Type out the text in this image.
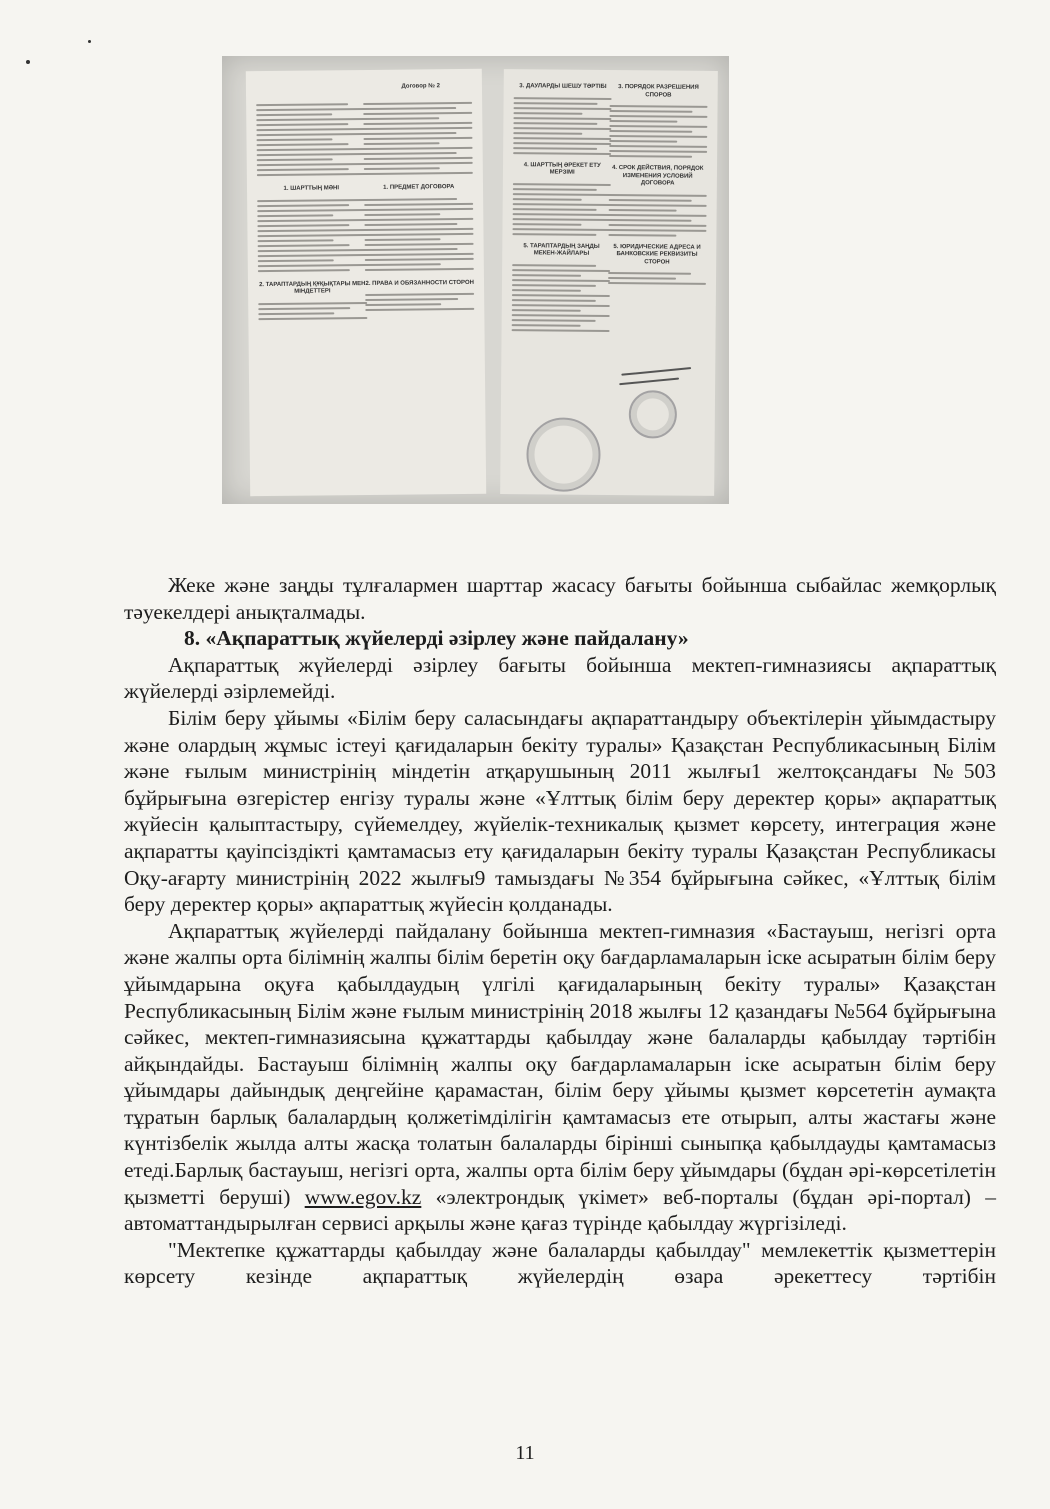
Договор № 2
1. ШАРТТЫҢ МӘНІ
2. ТАРАПТАРДЫҢ ҚҰҚЫҚТАРЫ МЕН МІНДЕТТЕРІ
1. ПРЕДМЕТ ДОГОВОРА
2. ПРАВА И ОБЯЗАННОСТИ СТОРОН
3. ДАУЛАРДЫ ШЕШУ ТӘРТІБІ
4. ШАРТТЫҢ ӘРЕКЕТ ЕТУ МЕРЗІМІ
5. ТАРАПТАРДЫҢ ЗАҢДЫ МЕКЕН-ЖАЙЛАРЫ
3. ПОРЯДОК РАЗРЕШЕНИЯ СПОРОВ
4. СРОК ДЕЙСТВИЯ, ПОРЯДОК ИЗМЕНЕНИЯ УСЛОВИЙ ДОГОВОРА
5. ЮРИДИЧЕСКИЕ АДРЕСА И БАНКОВСКИЕ РЕКВИЗИТЫ СТОРОН

Жеке және заңды тұлғалармен шарттар жасасу бағыты бойынша сыбайлас жемқорлық тәуекелдері анықталмады.

8. «Ақпараттық жүйелерді әзірлеу және пайдалану»

Ақпараттық жүйелерді әзірлеу бағыты бойынша мектеп-гимназиясы ақпараттық жүйелерді әзірлемейді.

Білім беру ұйымы «Білім беру саласындағы ақпараттандыру объектілерін ұйымдастыру және олардың жұмыс істеуі қағидаларын бекіту туралы» Қазақстан Республикасының Білім және ғылым министрінің міндетін атқарушының 2011 жылғы1 желтоқсандағы №503 бұйрығына өзгерістер енгізу туралы және «Ұлттық білім беру деректер қоры» ақпараттық жүйесін қалыптастыру, сүйемелдеу, жүйелік-техникалық қызмет көрсету, интеграция және ақпаратты қауіпсіздікті қамтамасыз ету қағидаларын бекіту туралы Қазақстан Республикасы Оқу-ағарту министрінің 2022 жылғы9 тамыздағы №354 бұйрығына сәйкес, «Ұлттық білім беру деректер қоры» ақпараттық жүйесін қолданады.

Ақпараттық жүйелерді пайдалану бойынша мектеп-гимназия «Бастауыш, негізгі орта және жалпы орта білімнің жалпы білім беретін оқу бағдарламаларын іске асыратын білім беру ұйымдарына оқуға қабылдаудың үлгілі қағидаларының бекіту туралы» Қазақстан Республикасының Білім және ғылым министрінің 2018 жылғы 12 қазандағы №564 бұйрығына сәйкес, мектеп-гимназиясына құжаттарды қабылдау және балаларды қабылдау тәртібін айқындайды. Бастауыш білімнің жалпы оқу бағдарламаларын іске асыратын білім беру ұйымдары дайындық деңгейіне қарамастан, білім беру ұйымы қызмет көрсететін аумақта тұратын барлық балалардың қолжетімділігін қамтамасыз ете отырып, алты жастағы және күнтізбелік жылда алты жасқа толатын балаларды бірінші сыныпқа қабылдауды қамтамасыз етеді.Барлық бастауыш, негізгі орта, жалпы орта білім беру ұйымдары (бұдан әрі-көрсетілетін қызметті беруші) www.egov.kz «электрондық үкімет» веб-порталы (бұдан әрі-портал) – автоматтандырылған сервисі арқылы және қағаз түрінде қабылдау жүргізіледі.

"Мектепке құжаттарды қабылдау және балаларды қабылдау" мемлекеттік қызметтерін көрсету кезінде ақпараттық жүйелердің өзара әрекеттесу тәртібін

11
